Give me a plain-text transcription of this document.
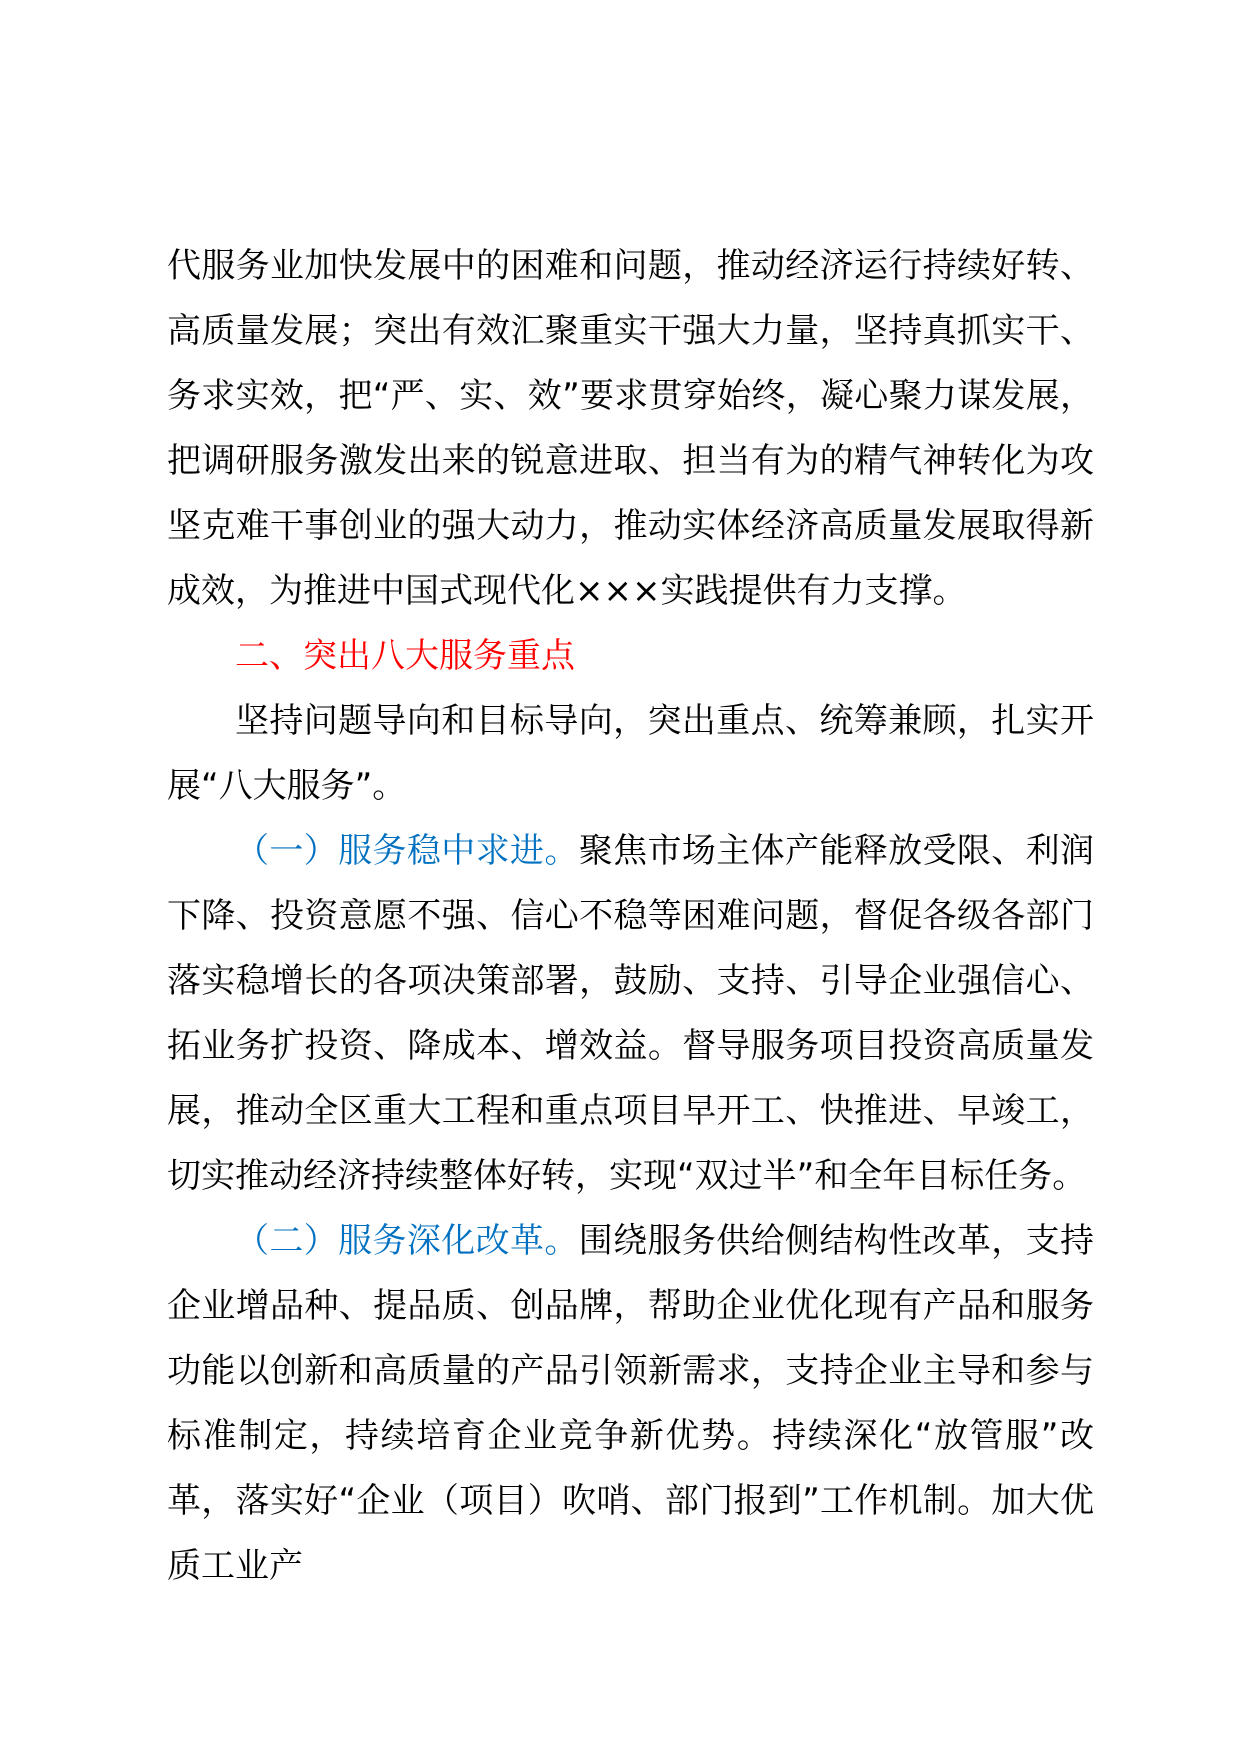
代服务业加快发展中的困难和问题，推动经济运行持续好转、高质量发展；突出有效汇聚重实干强大力量，坚持真抓实干、务求实效，把“严、实、效”要求贯穿始终，凝心聚力谋发展，把调研服务激发出来的锐意进取、担当有为的精气神转化为攻坚克难干事创业的强大动力，推动实体经济高质量发展取得新成效，为推进中国式现代化×××实践提供有力支撑。

二、突出八大服务重点

坚持问题导向和目标导向，突出重点、统筹兼顾，扎实开展“八大服务”。

（一）服务稳中求进。聚焦市场主体产能释放受限、利润下降、投资意愿不强、信心不稳等困难问题，督促各级各部门落实稳增长的各项决策部署，鼓励、支持、引导企业强信心、拓业务扩投资、降成本、增效益。督导服务项目投资高质量发展，推动全区重大工程和重点项目早开工、快推进、早竣工，切实推动经济持续整体好转，实现“双过半”和全年目标任务。

（二）服务深化改革。围绕服务供给侧结构性改革，支持企业增品种、提品质、创品牌，帮助企业优化现有产品和服务功能以创新和高质量的产品引领新需求，支持企业主导和参与标准制定，持续培育企业竞争新优势。持续深化“放管服”改革，落实好“企业（项目）吹哨、部门报到”工作机制。加大优质工业产
